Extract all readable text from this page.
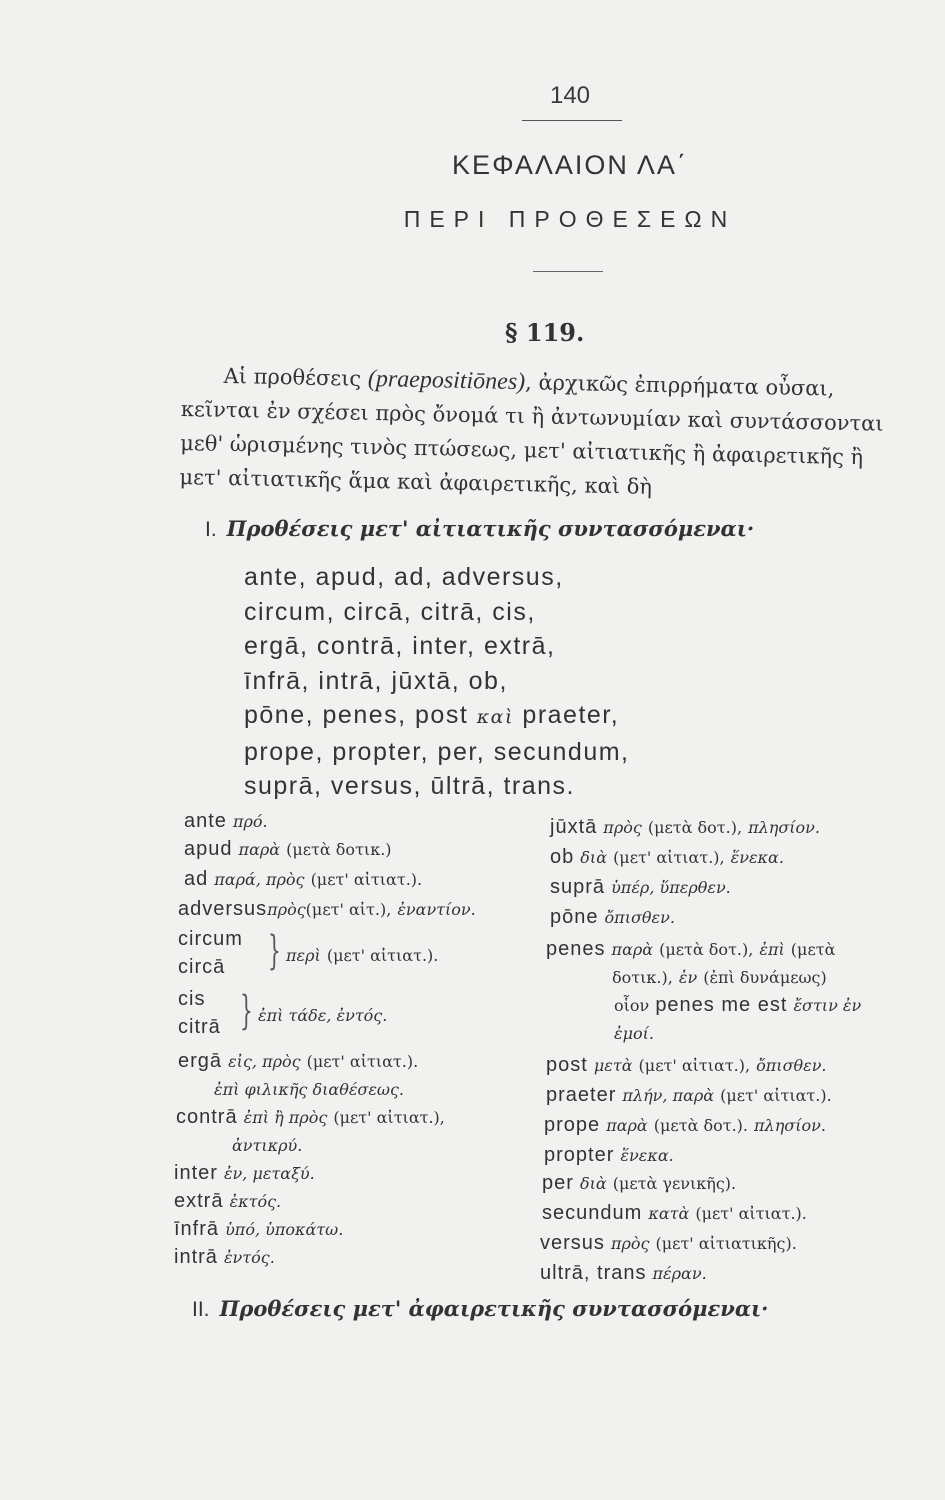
140
ΚΕΦΑΛΑΙΟΝ ΛΑ΄
ΠΕΡΙ ΠΡΟΘΕΣΕΩΝ
§ 119.

Αἱ προθέσεις (praepositiōnes), ἀρχικῶς ἐπιρρήματα οὖσαι,

κεῖνται ἐν σχέσει πρὸς ὄνομά τι ἢ ἀντωνυμίαν καὶ συντάσσονται

μεθ' ὡρισμένης τινὸς πτώσεως, μετ' αἰτιατικῆς ἢ ἀφαιρετικῆς ἢ

μετ' αἰτιατικῆς ἅμα καὶ ἀφαιρετικῆς, καὶ δὴ

I. Προθέσεις μετ' αἰτιατικῆς συντασσόμεναι·
ante, apud, ad, adversus,
circum, circā, citrā, cis,
ergā, contrā, inter, extrā,
īnfrā, intrā, jūxtā, ob,
pōne, penes, post καὶ praeter,
prope, propter, per, secundum,
suprā, versus, ūltrā, trans.
ante πρό.
apud παρὰ (μετὰ δοτικ.)
ad παρά, πρὸς (μετ' αἰτιατ.).
adversusπρὸς(μετ' αἰτ.), ἐναντίον.
circum
circā } περὶ (μετ' αἰτιατ.).
cis
citrā } ἐπὶ τάδε, ἐντός.
ergā εἰς, πρὸς (μετ' αἰτιατ.).
ἐπὶ φιλικῆς διαθέσεως.
contrā ἐπὶ ἢ πρὸς (μετ' αἰτιατ.),
ἀντικρύ.
inter ἐν, μεταξύ.
extrā ἐκτός.
īnfrā ὑπό, ὑποκάτω.
intrā ἐντός.
jūxtā πρὸς (μετὰ δοτ.), πλησίον.
ob διὰ (μετ' αἰτιατ.), ἕνεκα.
suprā ὑπέρ, ὕπερθεν.
pōne ὄπισθεν.
penes παρὰ (μετὰ δοτ.), ἐπὶ (μετὰ
δοτικ.), ἐν (ἐπὶ δυνάμεως)
οἷον penes me est ἔστιν ἐν
ἐμοί.
post μετὰ (μετ' αἰτιατ.), ὄπισθεν.
praeter πλήν, παρὰ (μετ' αἰτιατ.).
prope παρὰ (μετὰ δοτ.). πλησίον.
propter ἕνεκα.
per διὰ (μετὰ γενικῆς).
secundum κατὰ (μετ' αἰτιατ.).
versus πρὸς (μετ' αἰτιατικῆς).
ultrā, trans πέραν.
II. Προθέσεις μετ' ἀφαιρετικῆς συντασσόμεναι·
